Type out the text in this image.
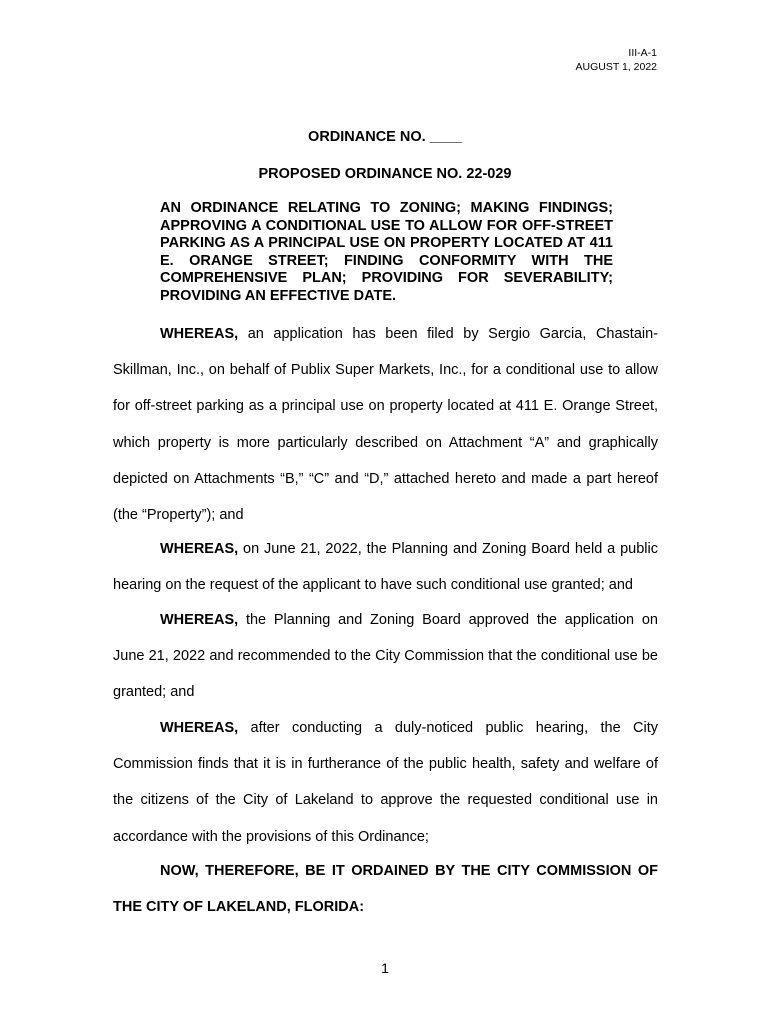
III-A-1
AUGUST 1, 2022
ORDINANCE NO. ____
PROPOSED ORDINANCE NO. 22-029
AN ORDINANCE RELATING TO ZONING; MAKING FINDINGS; APPROVING A CONDITIONAL USE TO ALLOW FOR OFF-STREET PARKING AS A PRINCIPAL USE ON PROPERTY LOCATED AT 411 E. ORANGE STREET; FINDING CONFORMITY WITH THE COMPREHENSIVE PLAN; PROVIDING FOR SEVERABILITY; PROVIDING AN EFFECTIVE DATE.

WHEREAS, an application has been filed by Sergio Garcia, Chastain-Skillman, Inc., on behalf of Publix Super Markets, Inc., for a conditional use to allow for off-street parking as a principal use on property located at 411 E. Orange Street, which property is more particularly described on Attachment “A” and graphically depicted on Attachments “B,” “C” and “D,” attached hereto and made a part hereof (the “Property”); and

WHEREAS, on June 21, 2022, the Planning and Zoning Board held a public hearing on the request of the applicant to have such conditional use granted; and

WHEREAS, the Planning and Zoning Board approved the application on June 21, 2022 and recommended to the City Commission that the conditional use be granted; and

WHEREAS, after conducting a duly-noticed public hearing, the City Commission finds that it is in furtherance of the public health, safety and welfare of the citizens of the City of Lakeland to approve the requested conditional use in accordance with the provisions of this Ordinance;

NOW, THEREFORE, BE IT ORDAINED BY THE CITY COMMISSION OF THE CITY OF LAKELAND, FLORIDA:

1
